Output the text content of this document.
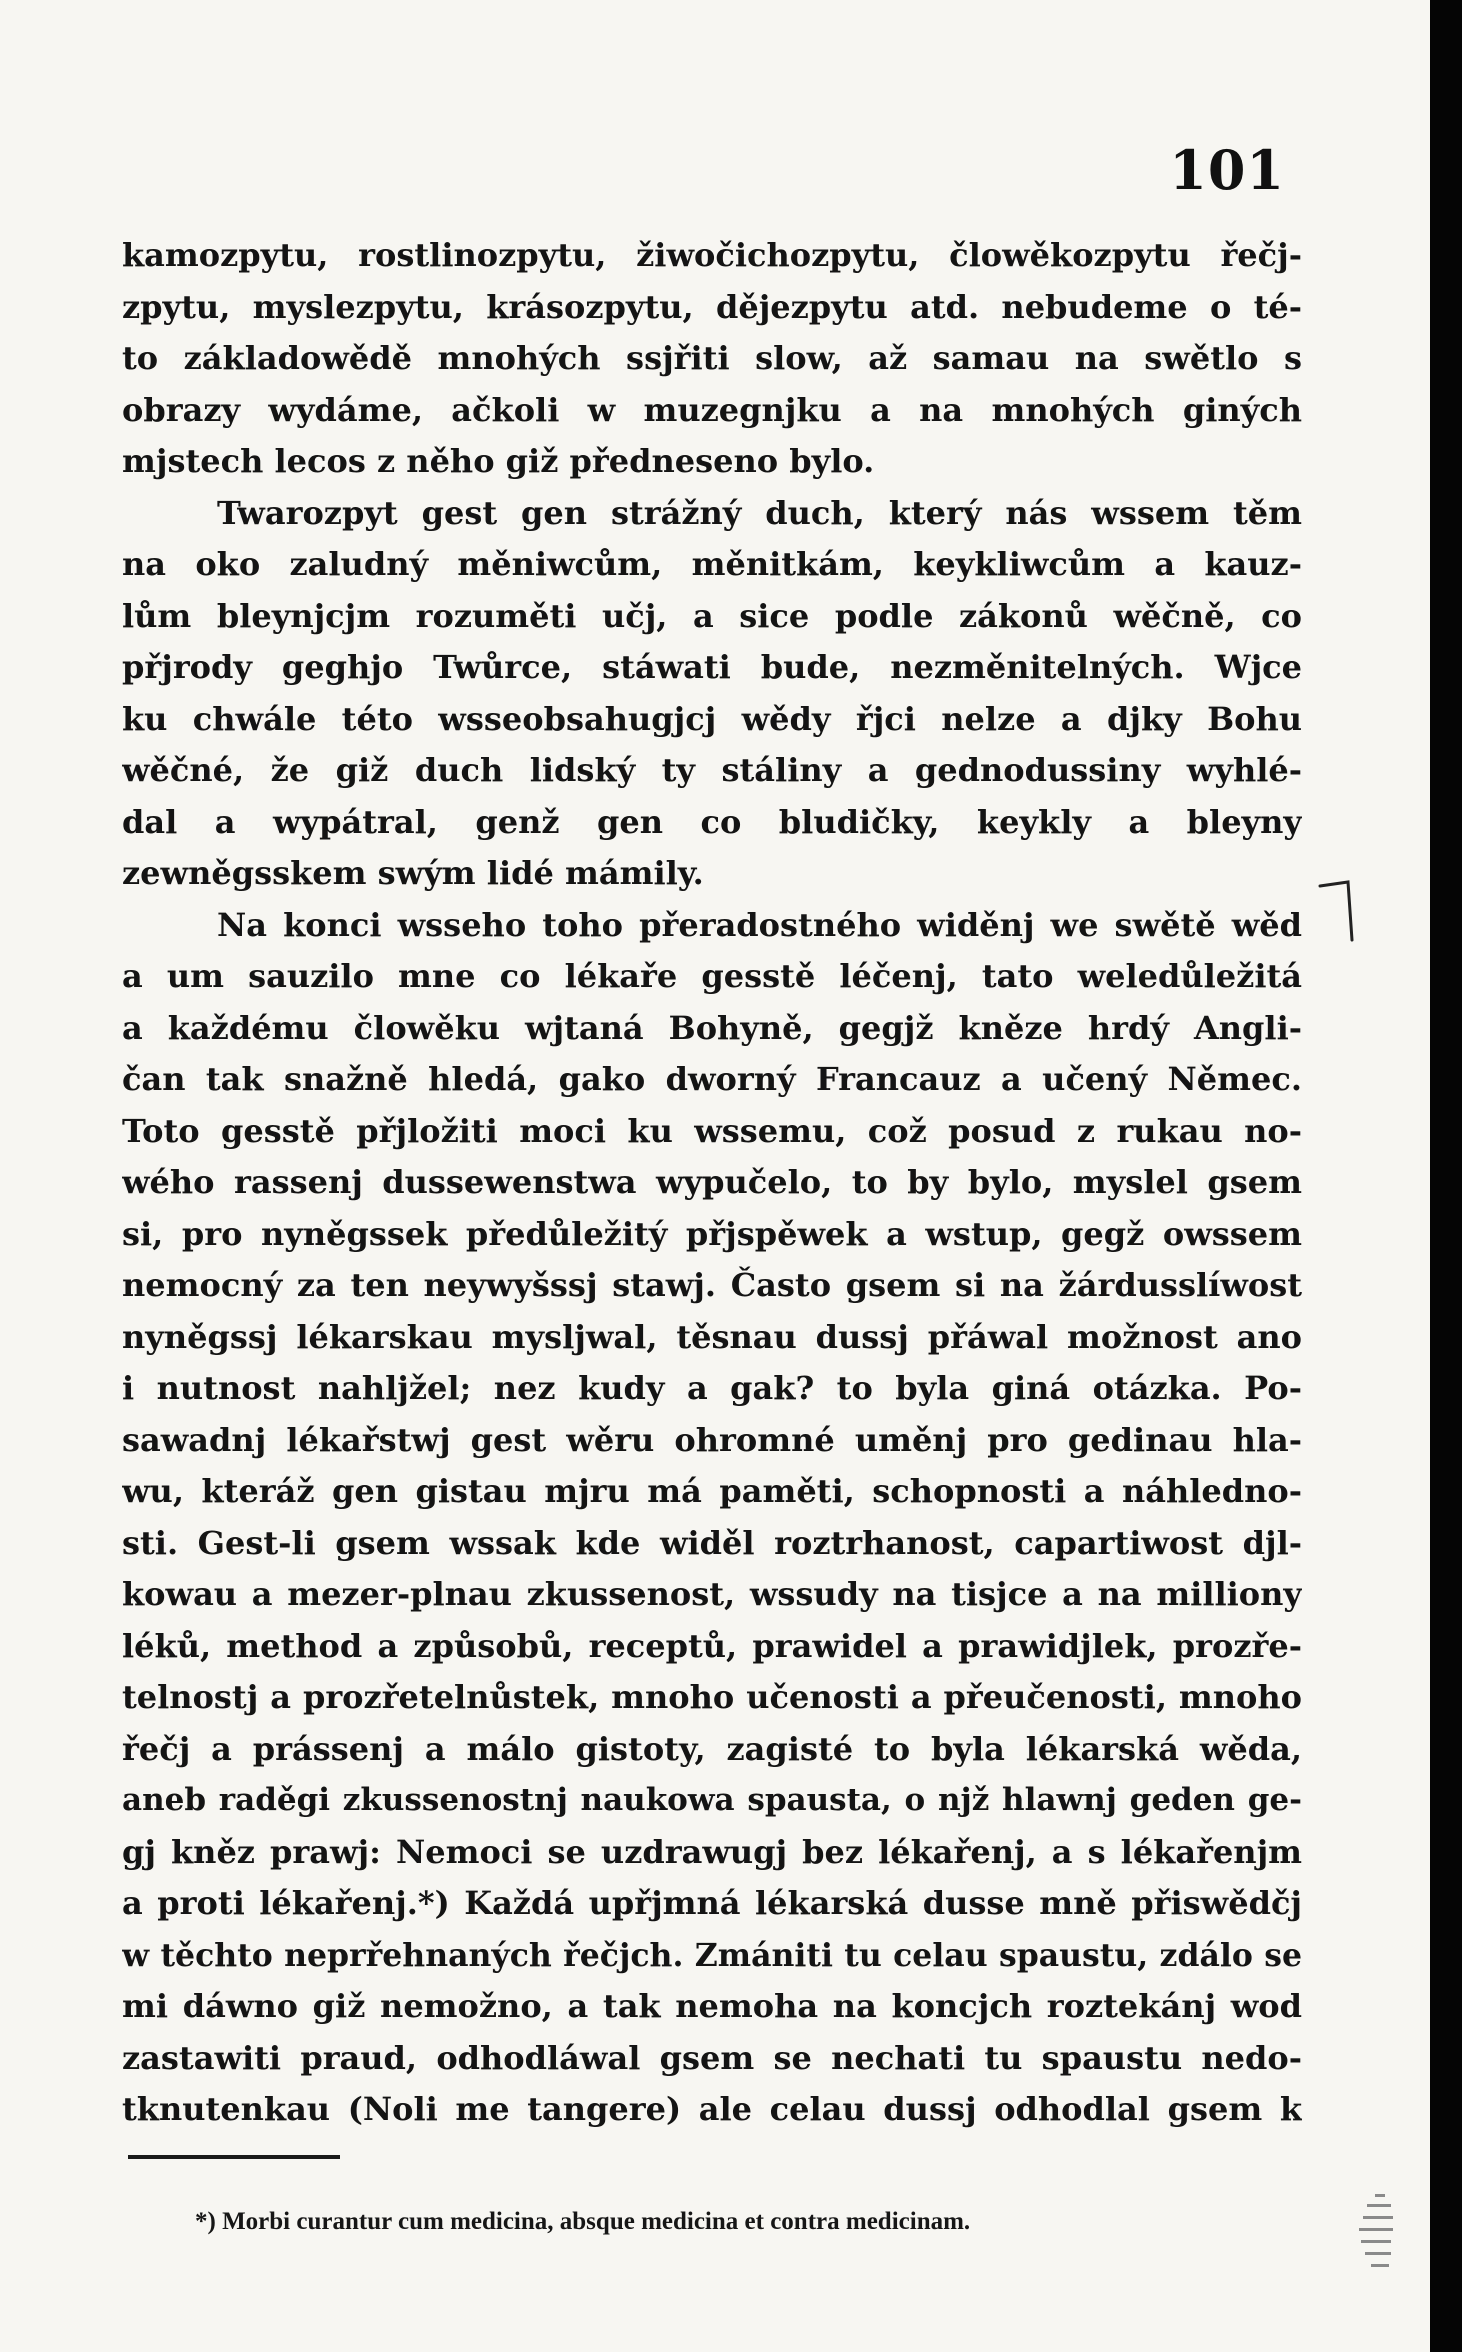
101
kamozpytu, rostlinozpytu, žiwočichozpytu, člowěkozpytu řečj-
zpytu, myslezpytu, krásozpytu, dějezpytu atd. nebudeme o té-
to základowědě mnohých ssjřiti slow, až samau na swětlo s
obrazy wydáme, ačkoli w muzegnjku a na mnohých giných
mjstech lecos z něho giž předneseno bylo.
Twarozpyt gest gen strážný duch, který nás wssem těm
na oko zaludný měniwcům, měnitkám, keykliwcům a kauz-
lům bleynjcjm rozuměti učj, a sice podle zákonů wěčně, co
přjrody geghjo Twůrce, stáwati bude, nezměnitelných. Wjce
ku chwále této wsseobsahugjcj wědy řjci nelze a djky Bohu
wěčné, že giž duch lidský ty stáliny a gednodussiny wyhlé-
dal a wypátral, genž gen co bludičky, keykly a bleyny
zewněgsskem swým lidé mámily.
Na konci wsseho toho přeradostného widěnj we swětě wěd
a um sauzilo mne co lékaře gesstě léčenj, tato weledůležitá
a každému člowěku wjtaná Bohyně, gegjž kněze hrdý Angli-
čan tak snažně hledá, gako dworný Francauz a učený Němec.
Toto gesstě přjložiti moci ku wssemu, což posud z rukau no-
wého rassenj dussewenstwa wypučelo, to by bylo, myslel gsem
si, pro nyněgssek předůležitý přjspěwek a wstup, gegž owssem
nemocný za ten neywyšssj stawj. Často gsem si na žárdusslíwost
nyněgssj lékarskau mysljwal, těsnau dussj přáwal možnost ano
i nutnost nahljžel; nez kudy a gak? to byla giná otázka. Po-
sawadnj lékařstwj gest wěru ohromné uměnj pro gedinau hla-
wu, kteráž gen gistau mjru má paměti, schopnosti a náhledno-
sti. Gest-li gsem wssak kde widěl roztrhanost, capartiwost djl-
kowau a mezer-plnau zkussenost, wssudy na tisjce a na milliony
léků, method a způsobů, receptů, prawidel a prawidjlek, prozře-
telnostj a prozřetelnůstek, mnoho učenosti a přeučenosti, mnoho
řečj a prássenj a málo gistoty, zagisté to byla lékarská wěda,
aneb raděgi zkussenostnj naukowa spausta, o njž hlawnj geden ge-
gj kněz prawj: Nemoci se uzdrawugj bez lékařenj, a s lékařenjm
a proti lékařenj.*) Každá upřjmná lékarská dusse mně přiswědčj
w těchto neprřehnaných řečjch. Zmániti tu celau spaustu, zdálo se
mi dáwno giž nemožno, a tak nemoha na koncjch roztekánj wod
zastawiti praud, odhodláwal gsem se nechati tu spaustu nedo-
tknutenkau (Noli me tangere) ale celau dussj odhodlal gsem k
*) Morbi curantur cum medicina, absque medicina et contra medicinam.
